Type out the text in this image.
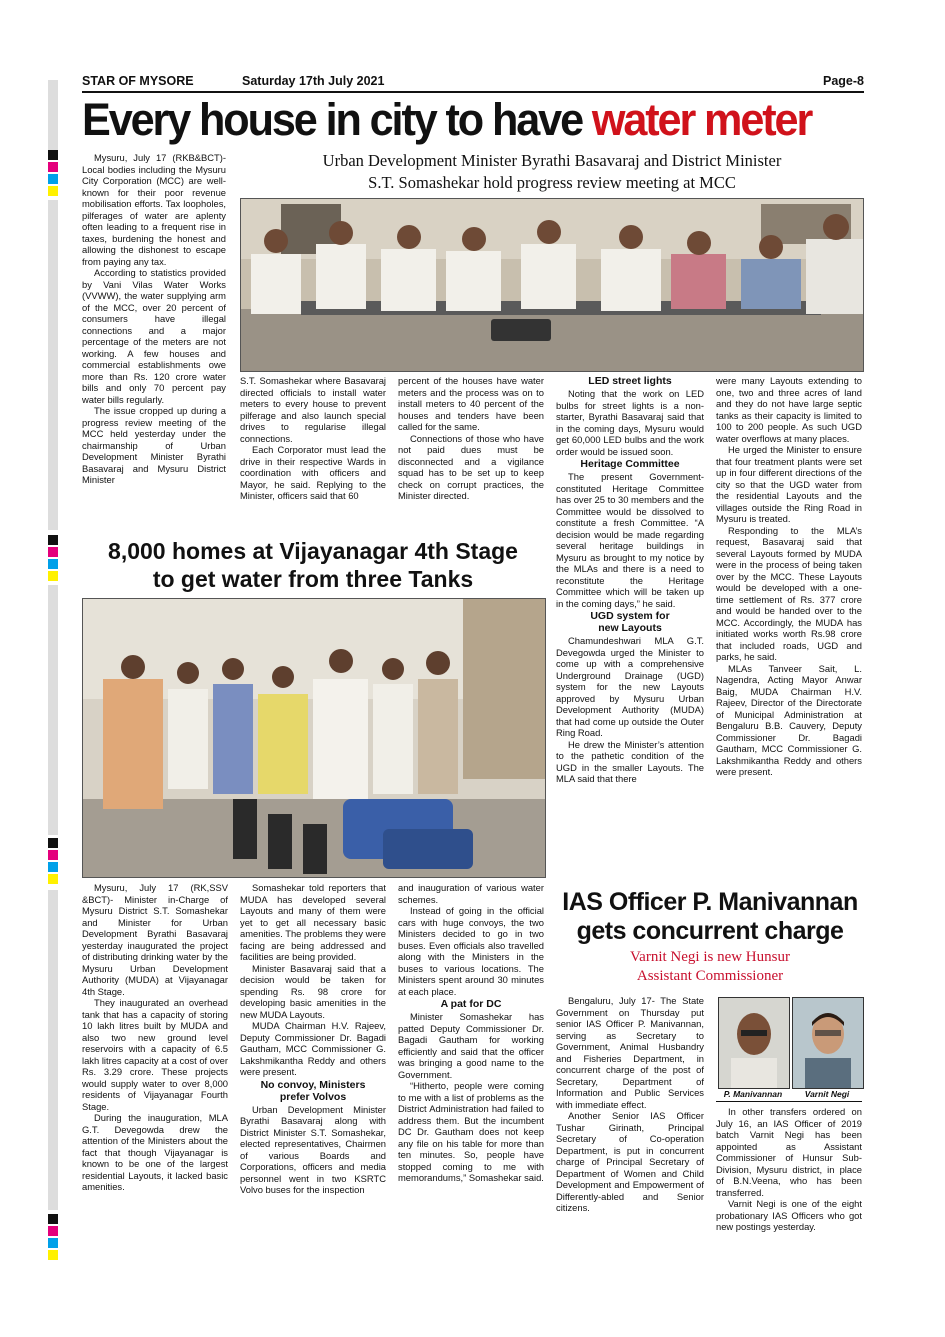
STAR OF MYSORE	Saturday 17th July 2021	Page-8
Every house in city to have water meter

Mysuru, July 17 (RKB&BCT)- Local bodies including the Mysuru City Corporation (MCC) are well-known for their poor revenue mobilisation efforts. Tax loopholes, pilferages of water are aplenty often leading to a frequent rise in taxes, burdening the honest and allowing the dishonest to escape from paying any tax.

According to statistics provided by Vani Vilas Water Works (VVWW), the water supplying arm of the MCC, over 20 percent of consumers have illegal connections and a major percentage of the meters are not working. A few houses and commercial establishments owe more than Rs. 120 crore water bills and only 70 percent pay water bills regularly.

The issue cropped up during a progress review meeting of the MCC held yesterday under the chairmanship of Urban Development Minister Byrathi Basavaraj and Mysuru District Minister

Urban Development Minister Byrathi Basavaraj and District Minister
S.T. Somashekar hold progress review meeting at MCC

S.T. Somashekar where Basavaraj directed officials to install water meters to every house to prevent pilferage and also launch special drives to regularise illegal connections.

Each Corporator must lead the drive in their respective Wards in coordination with officers and Mayor, he said. Replying to the Minister, officers said that 60

percent of the houses have water meters and the process was on to install meters to 40 percent of the houses and tenders have been called for the same.

Connections of those who have not paid dues must be disconnected and a vigilance squad has to be set up to keep check on corrupt practices, the Minister directed.

LED street lights

Noting that the work on LED bulbs for street lights is a non-starter, Byrathi Basavaraj said that in the coming days, Mysuru would get 60,000 LED bulbs and the work order would be issued soon.

Heritage Committee

The present Government-constituted Heritage Committee has over 25 to 30 members and the Committee would be dissolved to constitute a fresh Committee. “A decision would be made regarding several heritage buildings in Mysuru as brought to my notice by the MLAs and there is a need to reconstitute the Heritage Committee which will be taken up in the coming days,” he said.

UGD system for
new Layouts

Chamundeshwari MLA G.T. Devegowda urged the Minister to come up with a comprehensive Underground Drainage (UGD) system for the new Layouts approved by Mysuru Urban Development Authority (MUDA) that had come up outside the Outer Ring Road.

He drew the Minister’s attention to the pathetic condition of the UGD in the smaller Layouts. The MLA said that there

were many Layouts extending to one, two and three acres of land and they do not have large septic tanks as their capacity is limited to 100 to 200 people. As such UGD water overflows at many places.

He urged the Minister to ensure that four treatment plants were set up in four different directions of the city so that the UGD water from the residential Layouts and the villages outside the Ring Road in Mysuru is treated.

Responding to the MLA’s request, Basavaraj said that several Layouts formed by MUDA were in the process of being taken over by the MCC. These Layouts would be developed with a one-time settlement of Rs. 377 crore and would be handed over to the MCC. Accordingly, the MUDA has initiated works worth Rs.98 crore that included roads, UGD and parks, he said.

MLAs Tanveer Sait, L. Nagendra, Acting Mayor Anwar Baig, MUDA Chairman H.V. Rajeev, Director of the Directorate of Municipal Administration at Bengaluru B.B. Cauvery, Deputy Commissioner Dr. Bagadi Gautham, MCC Commissioner G. Lakshmikantha Reddy and others were present.

8,000 homes at Vijayanagar 4th Stage
to get water from three Tanks

Mysuru, July 17 (RK,SSV &BCT)- Minister in-Charge of Mysuru District S.T. Somashekar and Minister for Urban Development Byrathi Basavaraj yesterday inaugurated the project of distributing drinking water by the Mysuru Urban Development Authority (MUDA) at Vijayanagar 4th Stage.

They inaugurated an overhead tank that has a capacity of storing 10 lakh litres built by MUDA and also two new ground level reservoirs with a capacity of 6.5 lakh litres capacity at a cost of over Rs. 3.29 crore. These projects would supply water to over 8,000 residents of Vijayanagar Fourth Stage.

During the inauguration, MLA G.T. Devegowda drew the attention of the Ministers about the fact that though Vijayanagar is known to be one of the largest residential Layouts, it lacked basic amenities.

Somashekar told reporters that MUDA has developed several Layouts and many of them were yet to get all necessary basic amenities. The problems they were facing are being addressed and facilities are being provided.

Minister Basavaraj said that a decision would be taken for spending Rs. 98 crore for developing basic amenities in the new MUDA Layouts.

MUDA Chairman H.V. Rajeev, Deputy Commissioner Dr. Bagadi Gautham, MCC Commissioner G. Lakshmikantha Reddy and others were present.

No convoy, Ministers
prefer Volvos

Urban Development Minister Byrathi Basavaraj along with District Minister S.T. Somashekar, elected representatives, Chairmen of various Boards and Corporations, officers and media personnel went in two KSRTC Volvo buses for the inspection

and inauguration of various water schemes.

Instead of going in the official cars with huge convoys, the two Ministers decided to go in two buses. Even officials also travelled along with the Ministers in the buses to various locations. The Ministers spent around 30 minutes at each place.

A pat for DC

Minister Somashekar has patted Deputy Commissioner Dr. Bagadi Gautham for working efficiently and said that the officer was bringing a good name to the Government.

“Hitherto, people were coming to me with a list of problems as the District Administration had failed to address them. But the incumbent DC Dr. Gautham does not keep any file on his table for more than ten minutes. So, people have stopped coming to me with memorandums,” Somashekar said.

IAS Officer P. Manivannan
gets concurrent charge
Varnit Negi is new Hunsur
Assistant Commissioner

Bengaluru, July 17- The State Government on Thursday put senior IAS Officer P. Manivannan, serving as Secretary to Government, Animal Husbandry and Fisheries Department, in concurrent charge of the post of Secretary, Department of Information and Public Services with immediate effect.

Another Senior IAS Officer Tushar Girinath, Principal Secretary of Co-operation Department, is put in concurrent charge of Principal Secretary of Department of Women and Child Development and Empowerment of Differently-abled and Senior citizens.

P. Manivannan	Varnit Negi

In other transfers ordered on July 16, an IAS Officer of 2019 batch Varnit Negi has been appointed as Assistant Commissioner of Hunsur Sub-Division, Mysuru district, in place of B.N.Veena, who has been transferred.

Varnit Negi is one of the eight probationary IAS Officers who got new postings yesterday.
